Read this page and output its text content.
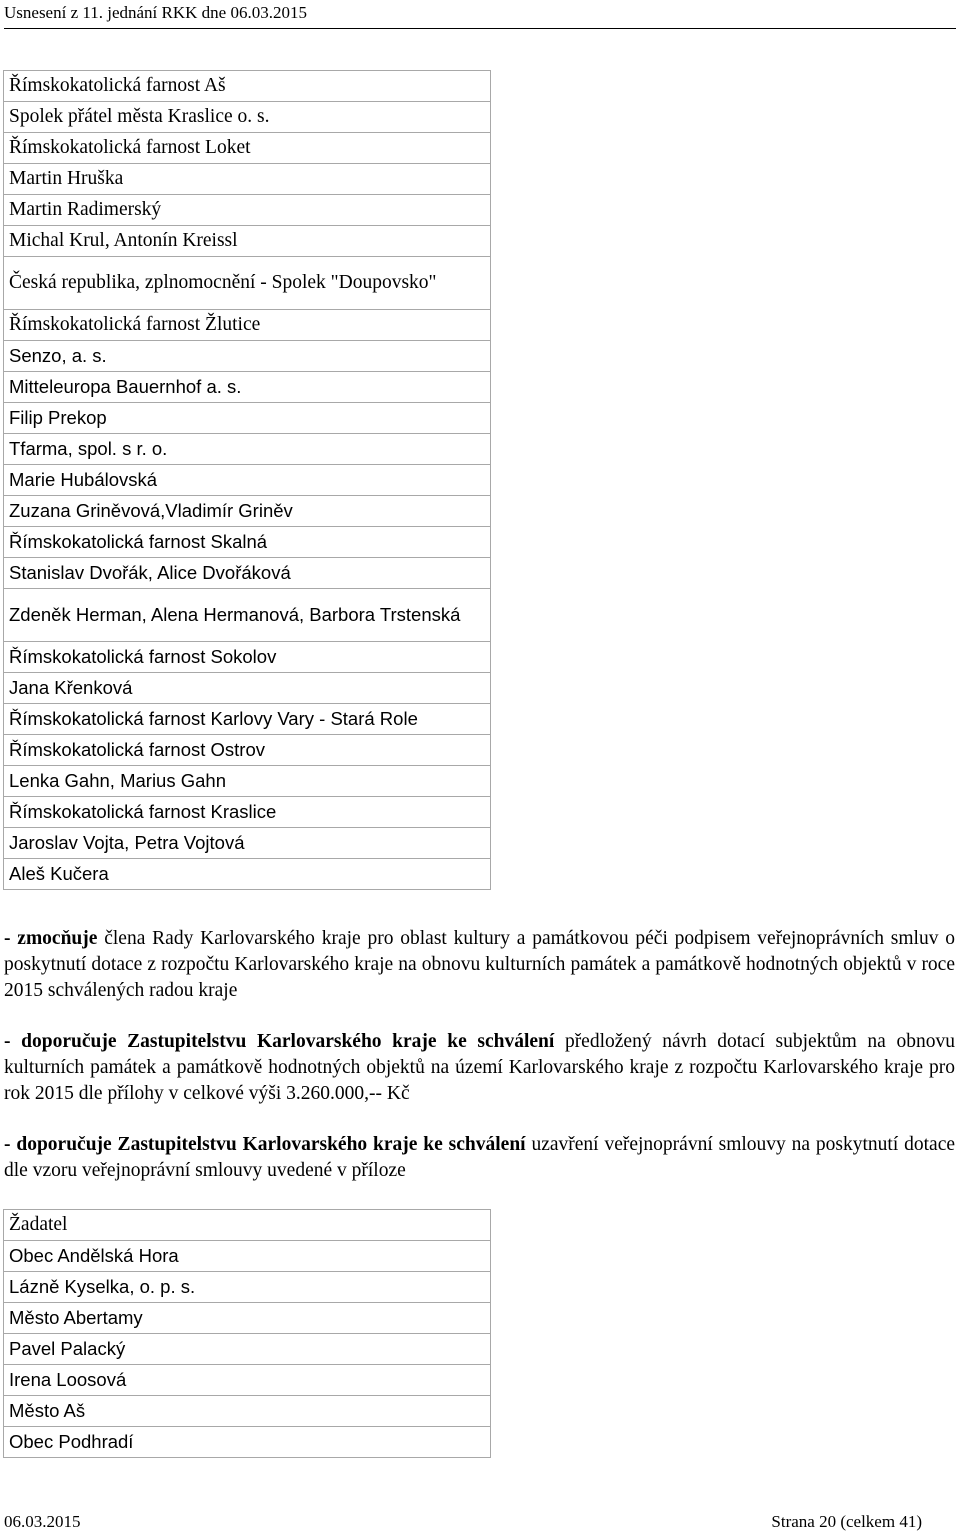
Usnesení z 11. jednání RKK dne 06.03.2015
Římskokatolická farnost Aš
Spolek přátel města Kraslice o. s.
Římskokatolická farnost Loket
Martin Hruška
Martin Radimerský
Michal Krul, Antonín Kreissl
Česká republika, zplnomocnění - Spolek "Doupovsko"
Římskokatolická farnost Žlutice
Senzo, a. s.
Mitteleuropa Bauernhof a. s.
Filip Prekop
Tfarma, spol. s r. o.
Marie Hubálovská
Zuzana Griněvová,Vladimír Griněv
Římskokatolická farnost Skalná
Stanislav Dvořák, Alice Dvořáková
Zdeněk Herman, Alena Hermanová, Barbora Trstenská
Římskokatolická farnost Sokolov
Jana Křenková
Římskokatolická farnost Karlovy Vary - Stará Role
Římskokatolická farnost Ostrov
Lenka Gahn, Marius Gahn
Římskokatolická farnost Kraslice
Jaroslav Vojta, Petra Vojtová
Aleš Kučera
- zmocňuje člena Rady Karlovarského kraje pro oblast kultury a památkovou péči podpisem veřejnoprávních smluv o poskytnutí dotace z rozpočtu Karlovarského kraje na obnovu kulturních památek a památkově hodnotných objektů v roce 2015 schválených radou kraje
- doporučuje Zastupitelstvu Karlovarského kraje ke schválení předložený návrh dotací subjektům na obnovu kulturních památek a památkově hodnotných objektů na území Karlovarského kraje z rozpočtu Karlovarského kraje pro rok 2015 dle přílohy v celkové výši 3.260.000,-- Kč
- doporučuje Zastupitelstvu Karlovarského kraje ke schválení uzavření veřejnoprávní smlouvy na poskytnutí dotace dle vzoru veřejnoprávní smlouvy uvedené v příloze
Žadatel
Obec Andělská Hora
Lázně Kyselka, o. p. s.
Město Abertamy
Pavel Palacký
Irena Loosová
Město Aš
Obec Podhradí
06.03.2015	Strana 20 (celkem 41)
